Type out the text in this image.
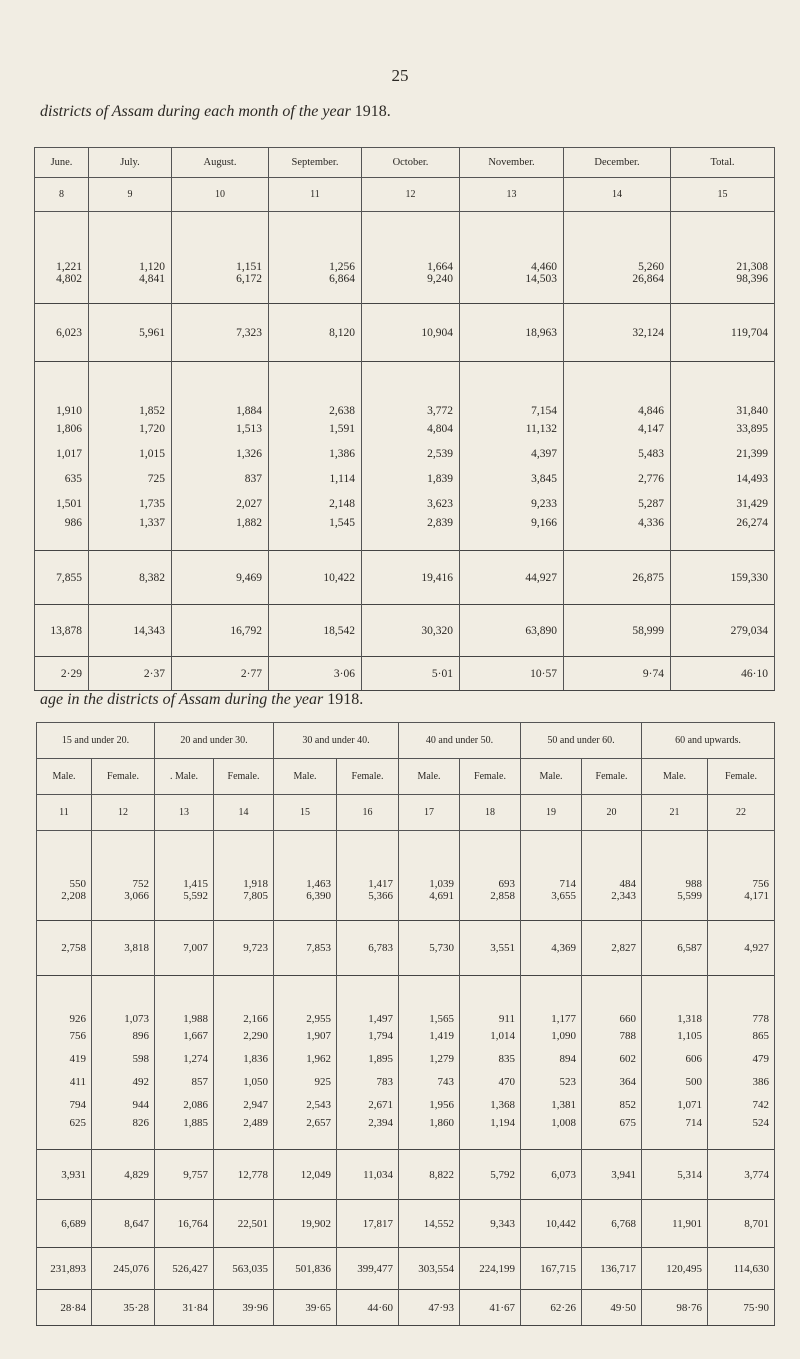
25
districts of Assam during each month of the year 1918.
June.	July.	August.	September.	October.	November.	December.	Total.
8	9	10	11	12	13	14	15
1,221	1,120	1,151	1,256	1,664	4,460	5,260	21,308
4,802	4,841	6,172	6,864	9,240	14,503	26,864	98,396
6,023	5,961	7,323	8,120	10,904	18,963	32,124	119,704
1,910	1,852	1,884	2,638	3,772	7,154	4,846	31,840
1,806	1,720	1,513	1,591	4,804	11,132	4,147	33,895
1,017	1,015	1,326	1,386	2,539	4,397	5,483	21,399
635	725	837	1,114	1,839	3,845	2,776	14,493
1,501	1,735	2,027	2,148	3,623	9,233	5,287	31,429
986	1,337	1,882	1,545	2,839	9,166	4,336	26,274
7,855	8,382	9,469	10,422	19,416	44,927	26,875	159,330
13,878	14,343	16,792	18,542	30,320	63,890	58,999	279,034
2·29	2·37	2·77	3·06	5·01	10·57	9·74	46·10
age in the districts of Assam during the year 1918.
15 and under 20.		20 and under 30.		30 and under 40.		40 and under 50.		50 and under 60.		60 and upwards.	
Male.	Female.	. Male.	Female.	Male.	Female.	Male.	Female.	Male.	Female.	Male.	Female.
11	12	13	14	15	16	17	18	19	20	21	22
550	752	1,415	1,918	1,463	1,417	1,039	693	714	484	988	756
2,208	3,066	5,592	7,805	6,390	5,366	4,691	2,858	3,655	2,343	5,599	4,171
2,758	3,818	7,007	9,723	7,853	6,783	5,730	3,551	4,369	2,827	6,587	4,927
926	1,073	1,988	2,166	2,955	1,497	1,565	911	1,177	660	1,318	778
756	896	1,667	2,290	1,907	1,794	1,419	1,014	1,090	788	1,105	865
419	598	1,274	1,836	1,962	1,895	1,279	835	894	602	606	479
411	492	857	1,050	925	783	743	470	523	364	500	386
794	944	2,086	2,947	2,543	2,671	1,956	1,368	1,381	852	1,071	742
625	826	1,885	2,489	2,657	2,394	1,860	1,194	1,008	675	714	524
3,931	4,829	9,757	12,778	12,049	11,034	8,822	5,792	6,073	3,941	5,314	3,774
6,689	8,647	16,764	22,501	19,902	17,817	14,552	9,343	10,442	6,768	11,901	8,701
231,893	245,076	526,427	563,035	501,836	399,477	303,554	224,199	167,715	136,717	120,495	114,630
28·84	35·28	31·84	39·96	39·65	44·60	47·93	41·67	62·26	49·50	98·76	75·90
